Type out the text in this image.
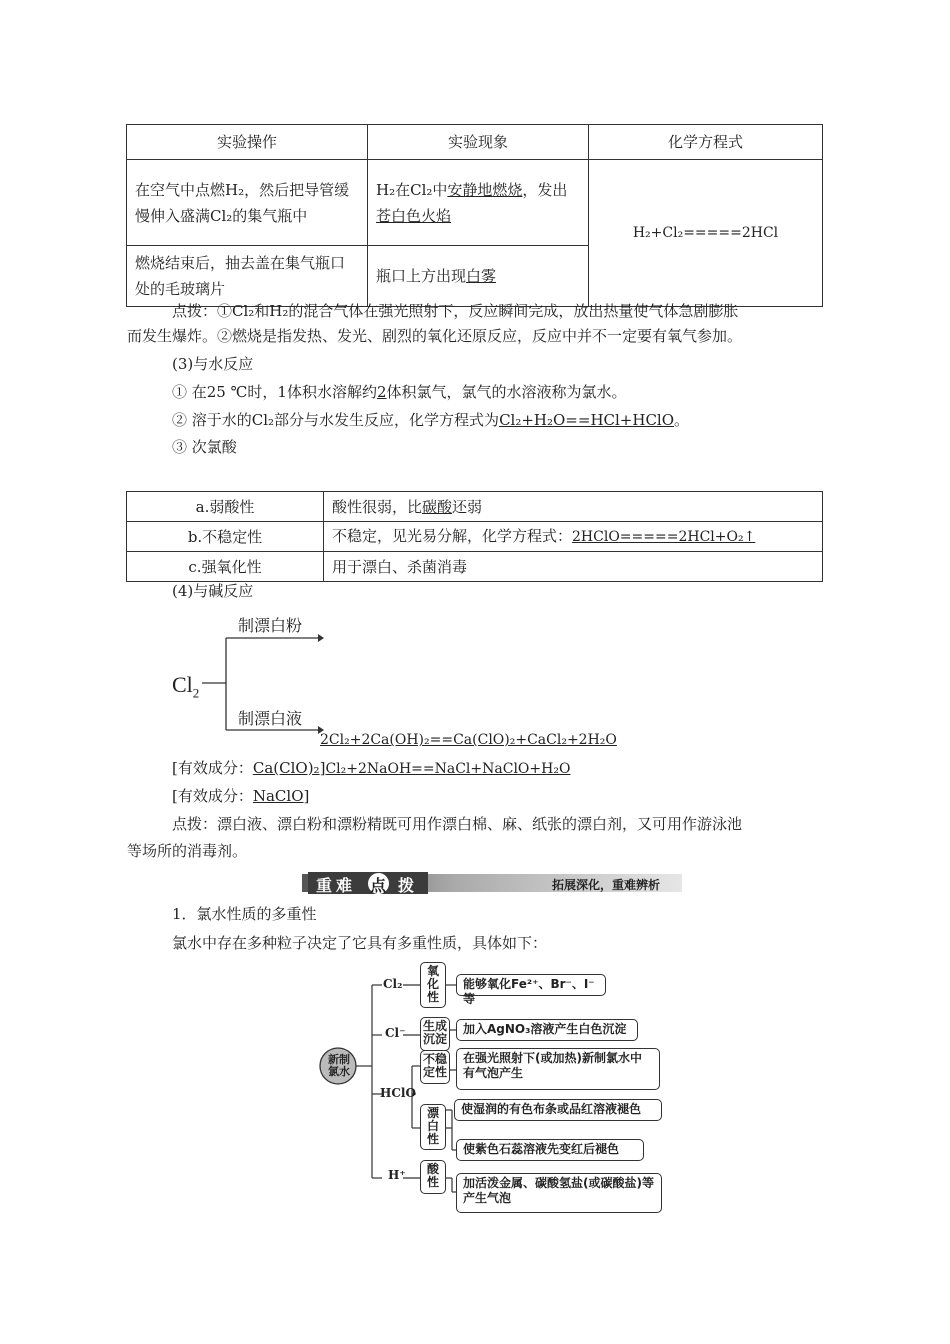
实验操作	实验现象	化学方程式
在空气中点燃H₂，然后把导管缓慢伸入盛满Cl₂的集气瓶中	H₂在Cl₂中安静地燃烧，发出苍白色火焰	H₂+Cl₂=====2HCl
燃烧结束后，抽去盖在集气瓶口处的毛玻璃片	瓶口上方出现白雾	
点拨：①Cl₂和H₂的混合气体在强光照射下，反应瞬间完成，放出热量使气体急剧膨胀
而发生爆炸。②燃烧是指发热、发光、剧烈的氧化还原反应，反应中并不一定要有氧气参加。
(3)与水反应
① 在25 ℃时，1体积水溶解约2体积氯气，氯气的水溶液称为氯水。
② 溶于水的Cl₂部分与水发生反应，化学方程式为Cl₂+H₂O==HCl+HClO。
③ 次氯酸
a.弱酸性	酸性很弱，比碳酸还弱
b.不稳定性	不稳定，见光易分解，化学方程式：2HClO=====2HCl+O₂↑
c.强氧化性	用于漂白、杀菌消毒
(4)与碱反应
$Cl_2$
制漂白粉
制漂白液
2Cl₂+2Ca(OH)₂==Ca(ClO)₂+CaCl₂+2H₂O
[有效成分：Ca(ClO)₂]Cl₂+2NaOH==NaCl+NaClO+H₂O
[有效成分：NaClO]
点拨：漂白液、漂白粉和漂粉精既可用作漂白棉、麻、纸张的漂白剂，又可用作游泳池
等场所的消毒剂。
重难 点 拨	拓展深化，重难辨析
1．氯水性质的多重性
氯水中存在多种粒子决定了它具有多重性质，具体如下：
新制氯水
Cl₂
Cl⁻
HClO
H⁺
氧化性
生成沉淀
不稳定性
漂白性
酸性
能够氧化Fe²⁺、Br⁻、I⁻等
加入AgNO₃溶液产生白色沉淀
在强光照射下(或加热)新制氯水中有气泡产生
使湿润的有色布条或品红溶液褪色
使紫色石蕊溶液先变红后褪色
加活泼金属、碳酸氢盐(或碳酸盐)等产生气泡
